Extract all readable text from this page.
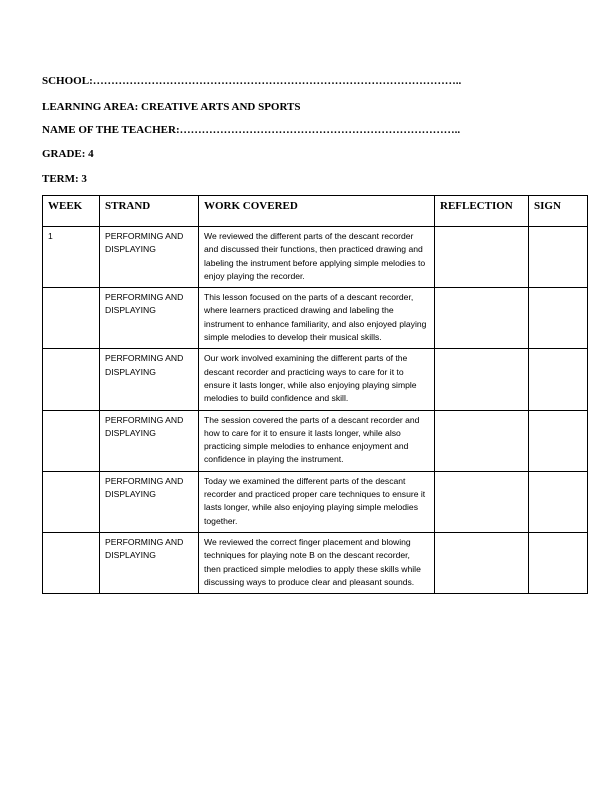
SCHOOL:………………………………………………………………………………………..
LEARNING AREA: CREATIVE ARTS AND SPORTS
NAME OF THE TEACHER:…………………………………………………………………..
GRADE: 4
TERM: 3
WEEK	STRAND	WORK COVERED	REFLECTION	SIGN
1	PERFORMING AND DISPLAYING	We reviewed the different parts of the descant recorder and discussed their functions, then practiced drawing and labeling the instrument before applying simple melodies to enjoy playing the recorder.		
	PERFORMING AND DISPLAYING	This lesson focused on the parts of a descant recorder, where learners practiced drawing and labeling the instrument to enhance familiarity, and also enjoyed playing simple melodies to develop their musical skills.		
	PERFORMING AND DISPLAYING	Our work involved examining the different parts of the descant recorder and practicing ways to care for it to ensure it lasts longer, while also enjoying playing simple melodies to build confidence and skill.		
	PERFORMING AND DISPLAYING	The session covered the parts of a descant recorder and how to care for it to ensure it lasts longer, while also practicing simple melodies to enhance enjoyment and confidence in playing the instrument.		
	PERFORMING AND DISPLAYING	Today we examined the different parts of the descant recorder and practiced proper care techniques to ensure it lasts longer, while also enjoying playing simple melodies together.		
	PERFORMING AND DISPLAYING	We reviewed the correct finger placement and blowing techniques for playing note B on the descant recorder, then practiced simple melodies to apply these skills while discussing ways to produce clear and pleasant sounds.		
